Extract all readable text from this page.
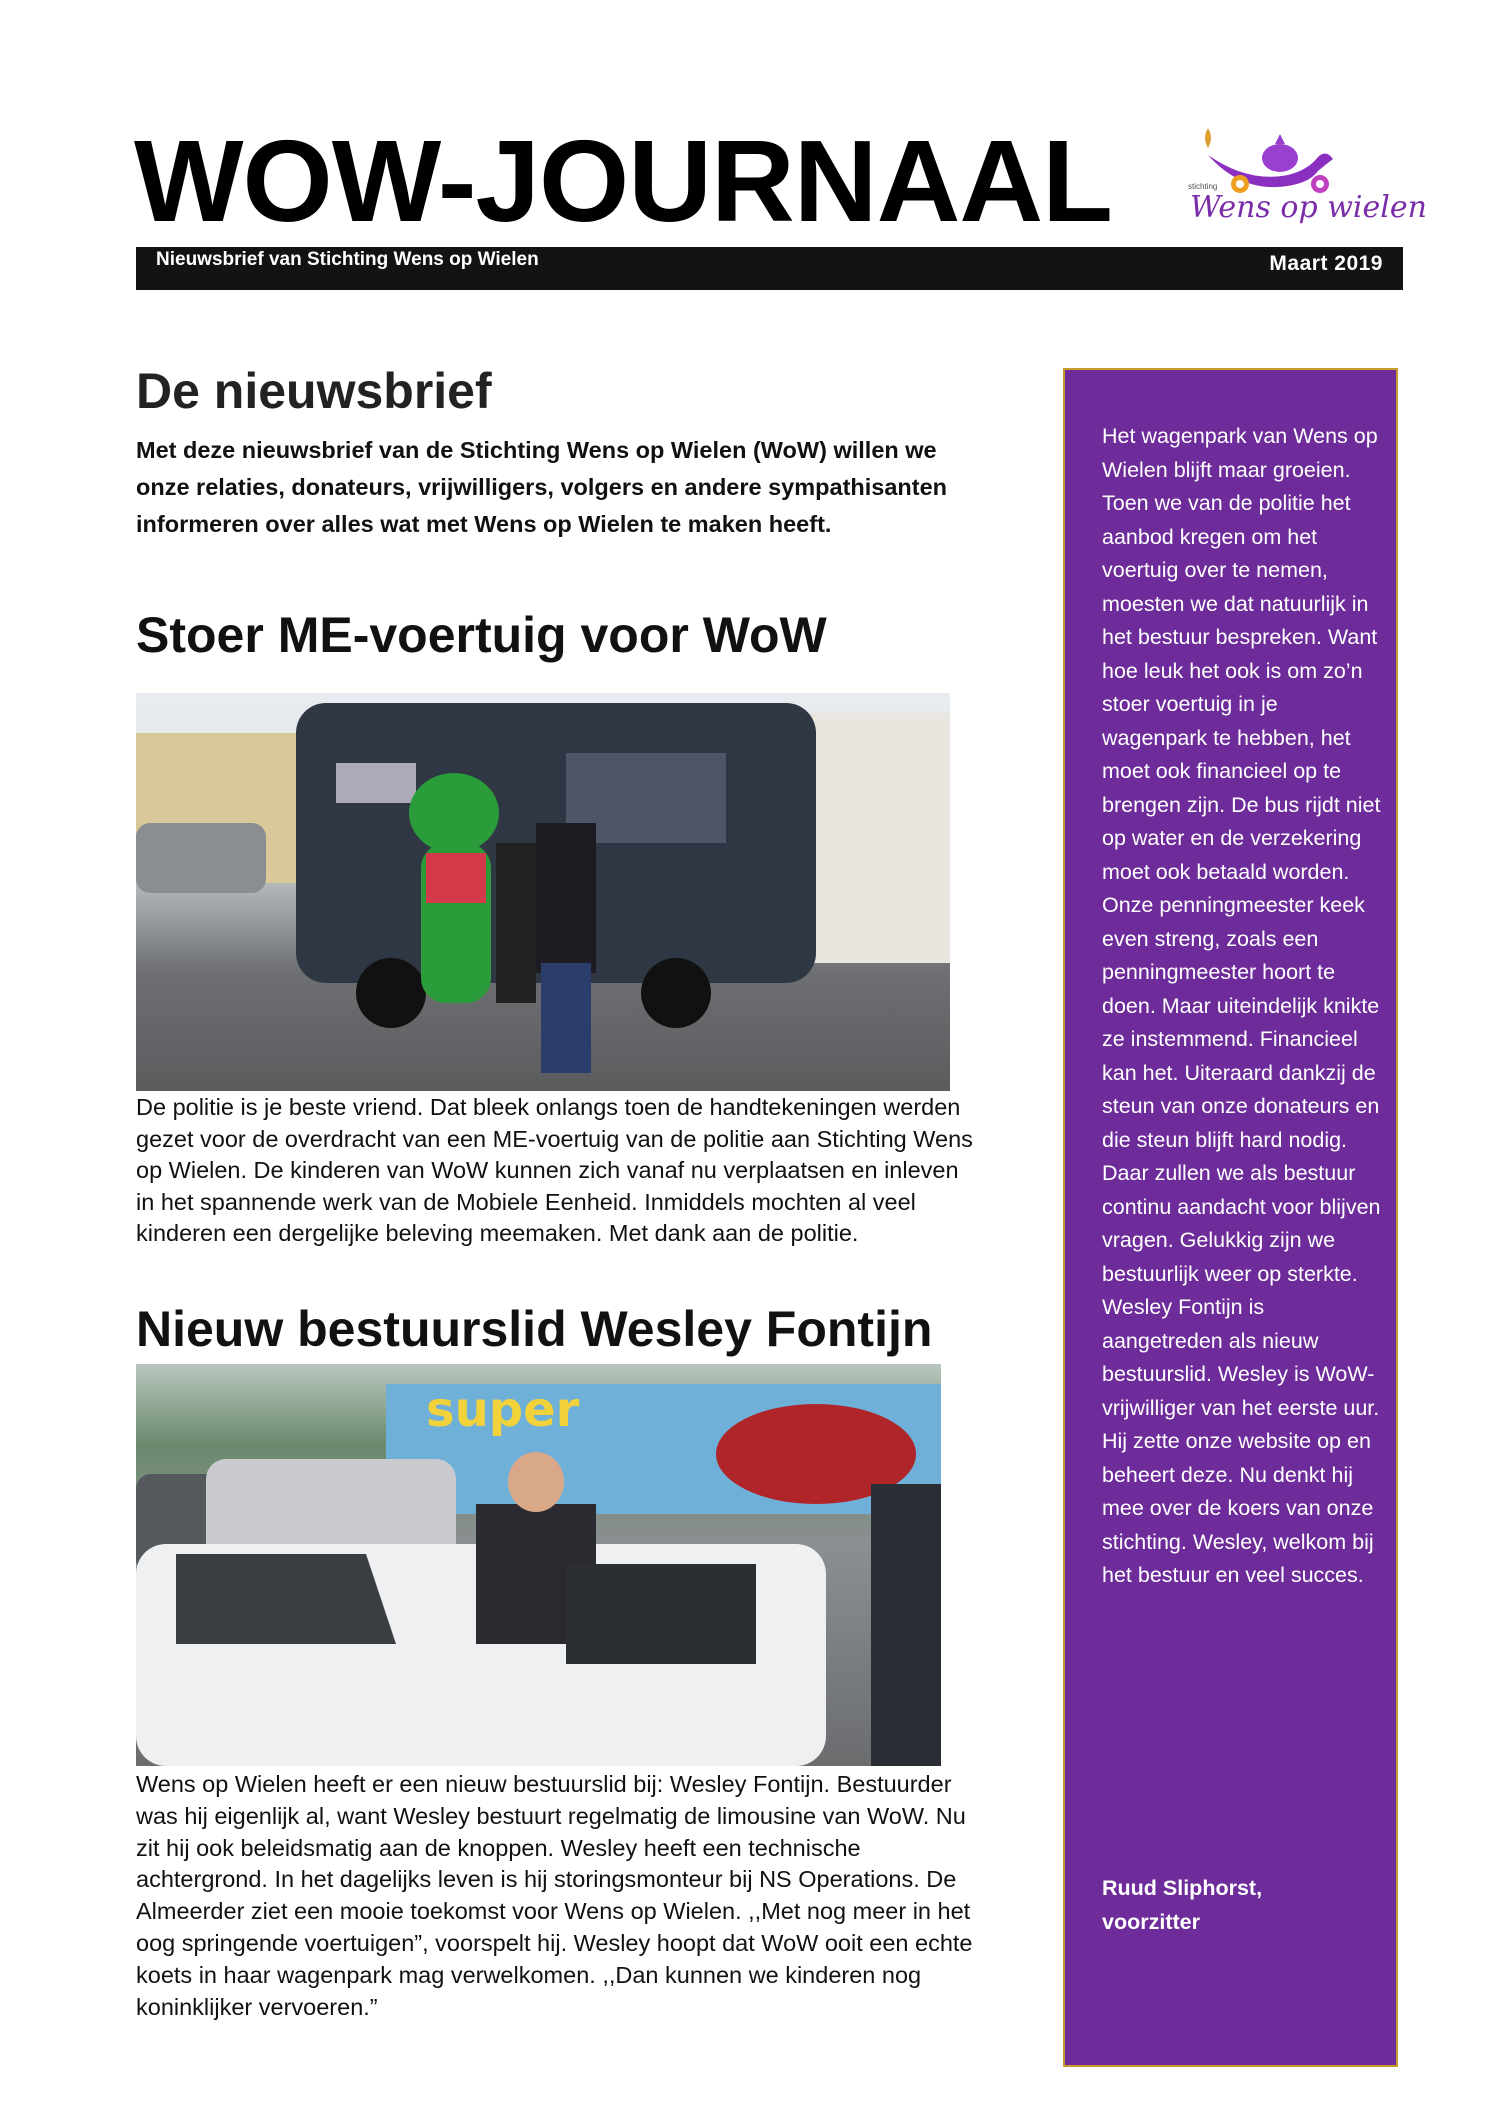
WOW-JOURNAAL	stichting
Wens op wielen
Nieuwsbrief van Stichting Wens op Wielen	Maart 2019
De nieuwsbrief
Met deze nieuwsbrief van de Stichting Wens op Wielen (WoW) willen we onze relaties, donateurs, vrijwilligers, volgers en andere sympathisanten informeren over alles wat met Wens op Wielen te maken heeft.
Stoer ME-voertuig voor WoW
De politie is je beste vriend. Dat bleek onlangs toen de handtekeningen werden gezet voor de overdracht van een ME-voertuig van de politie aan Stichting Wens op Wielen. De kinderen van WoW kunnen zich vanaf nu verplaatsen en inleven in het spannende werk van de Mobiele Eenheid. Inmiddels mochten al veel kinderen een dergelijke beleving meemaken. Met dank aan de politie.
Nieuw bestuurslid Wesley Fontijn
super
Wens op Wielen heeft er een nieuw bestuurslid bij: Wesley Fontijn. Bestuurder was hij eigenlijk al, want Wesley bestuurt regelmatig de limousine van WoW. Nu zit hij ook beleidsmatig aan de knoppen. Wesley heeft een technische achtergrond. In het dagelijks leven is hij storingsmonteur bij NS Operations. De Almeerder ziet een mooie toekomst voor Wens op Wielen. ,,Met nog meer in het oog springende voertuigen”, voorspelt hij. Wesley hoopt dat WoW ooit een echte koets in haar wagenpark mag verwelkomen. ,,Dan kunnen we kinderen nog koninklijker vervoeren.”
Het wagenpark van Wens op Wielen blijft maar groeien. Toen we van de politie het aanbod kregen om het voertuig over te nemen, moesten we dat natuurlijk in het bestuur bespreken. Want hoe leuk het ook is om zo’n stoer voertuig in je wagenpark te hebben, het moet ook financieel op te brengen zijn. De bus rijdt niet op water en de verzekering moet ook betaald worden. Onze penningmeester keek even streng, zoals een penningmeester hoort te doen. Maar uiteindelijk knikte ze instemmend. Financieel kan het. Uiteraard dankzij de steun van onze donateurs en die steun blijft hard nodig. Daar zullen we als bestuur continu aandacht voor blijven vragen. Gelukkig zijn we bestuurlijk weer op sterkte. Wesley Fontijn is aangetreden als nieuw bestuurslid. Wesley is WoW-vrijwilliger van het eerste uur. Hij zette onze website op en beheert deze. Nu denkt hij mee over de koers van onze stichting. Wesley, welkom bij het bestuur en veel succes.
Ruud Sliphorst,
voorzitter
